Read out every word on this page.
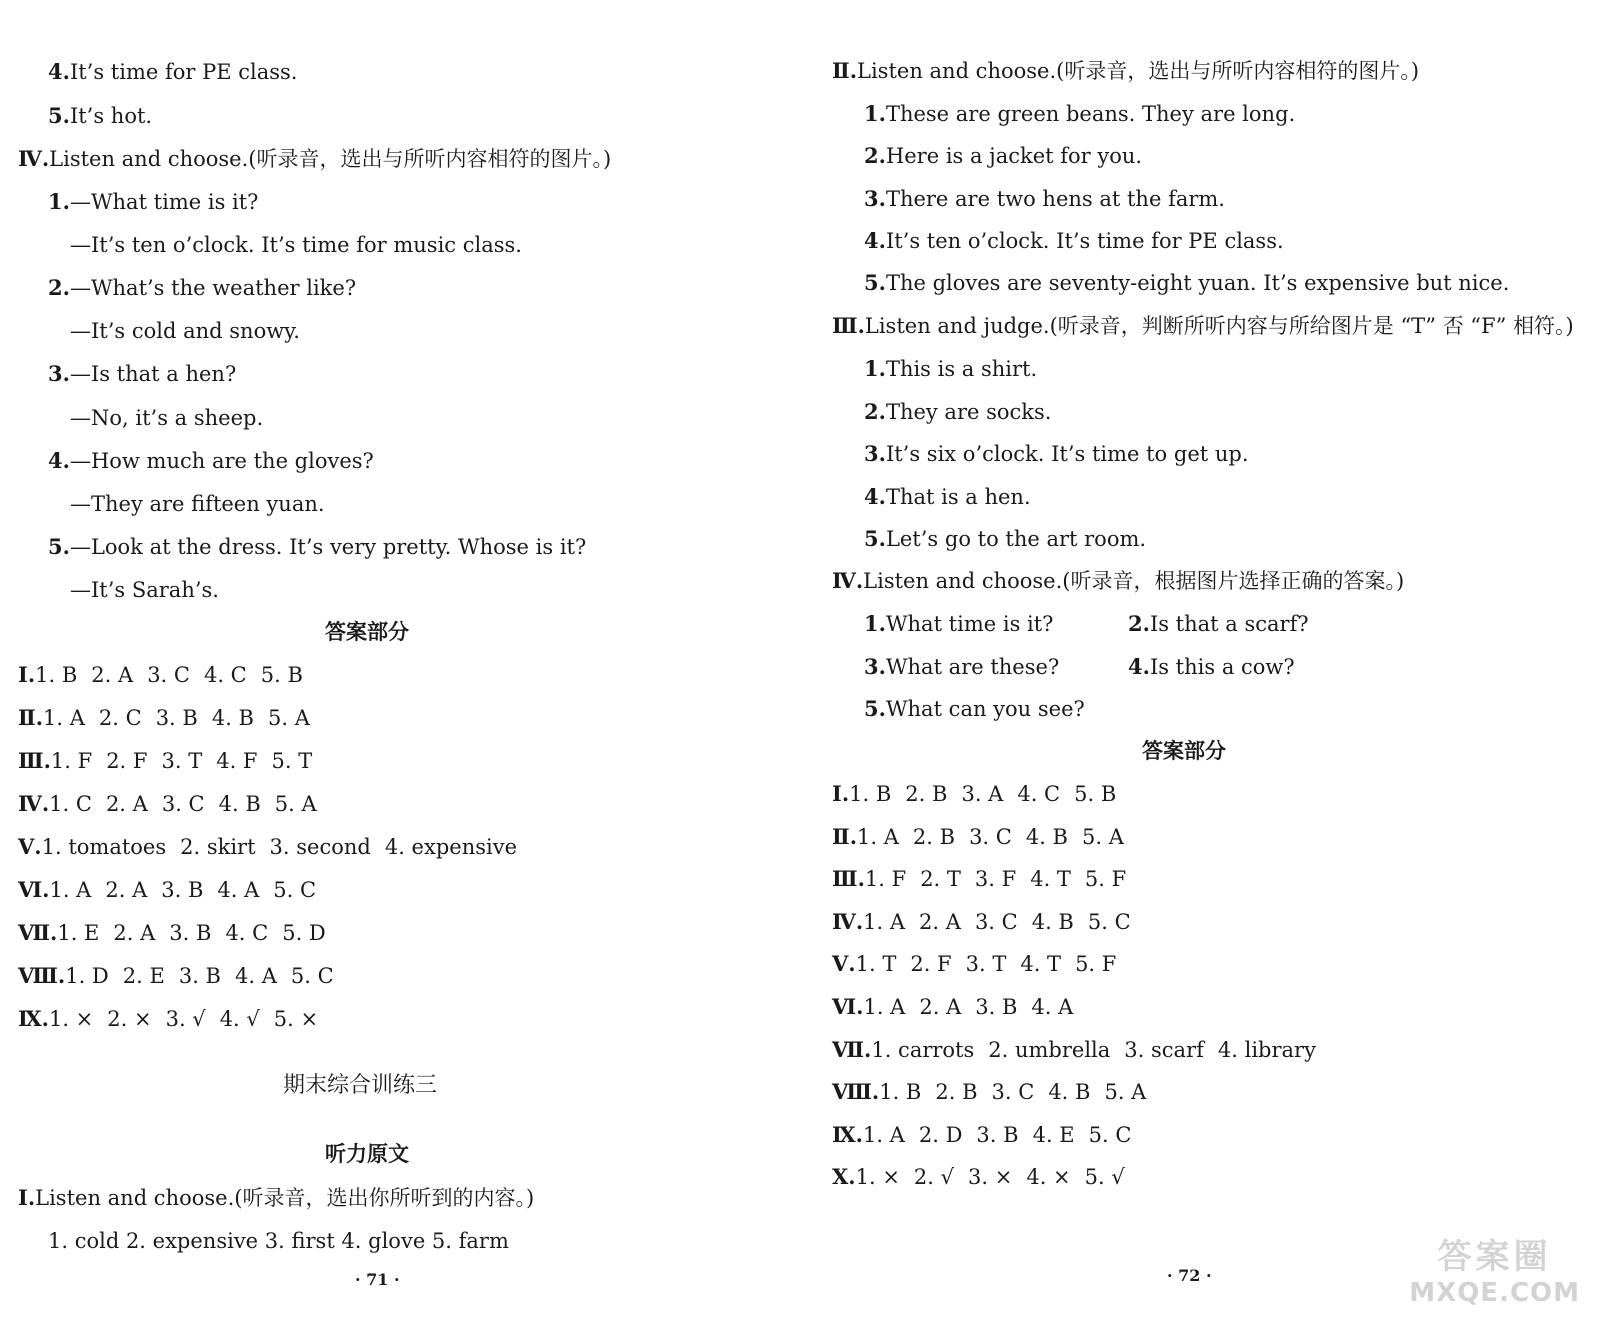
4.It’s time for PE class.
5.It’s hot.
Ⅳ.Listen and choose.(听录音，选出与所听内容相符的图片。)
1.—What time is it?
—It’s ten o’clock. It’s time for music class.
2.—What’s the weather like?
—It’s cold and snowy.
3.—Is that a hen?
—No, it’s a sheep.
4.—How much are the gloves?
—They are fifteen yuan.
5.—Look at the dress. It’s very pretty. Whose is it?
—It’s Sarah’s.
答案部分
Ⅰ.1. B 2. A 3. C 4. C 5. B
Ⅱ.1. A 2. C 3. B 4. B 5. A
Ⅲ.1. F 2. F 3. T 4. F 5. T
Ⅳ.1. C 2. A 3. C 4. B 5. A
Ⅴ.1. tomatoes 2. skirt 3. second 4. expensive
Ⅵ.1. A 2. A 3. B 4. A 5. C
Ⅶ.1. E 2. A 3. B 4. C 5. D
Ⅷ.1. D 2. E 3. B 4. A 5. C
Ⅸ.1. × 2. × 3. √ 4. √ 5. ×
期末综合训练三
听力原文
Ⅰ.Listen and choose.(听录音，选出你所听到的内容。)
1. cold 2. expensive 3. first 4. glove 5. farm
· 71 ·
Ⅱ.Listen and choose.(听录音，选出与所听内容相符的图片。)
1.These are green beans. They are long.
2.Here is a jacket for you.
3.There are two hens at the farm.
4.It’s ten o’clock. It’s time for PE class.
5.The gloves are seventy-eight yuan. It’s expensive but nice.
Ⅲ.Listen and judge.(听录音，判断所听内容与所给图片是 “T” 否 “F” 相符。)
1.This is a shirt.
2.They are socks.
3.It’s six o’clock. It’s time to get up.
4.That is a hen.
5.Let’s go to the art room.
Ⅳ.Listen and choose.(听录音，根据图片选择正确的答案。)
1.What time is it?	2.Is that a scarf?
3.What are these?	4.Is this a cow?
5.What can you see?
答案部分
Ⅰ.1. B 2. B 3. A 4. C 5. B
Ⅱ.1. A 2. B 3. C 4. B 5. A
Ⅲ.1. F 2. T 3. F 4. T 5. F
Ⅳ.1. A 2. A 3. C 4. B 5. C
Ⅴ.1. T 2. F 3. T 4. T 5. F
Ⅵ.1. A 2. A 3. B 4. A
Ⅶ.1. carrots 2. umbrella 3. scarf 4. library
Ⅷ.1. B 2. B 3. C 4. B 5. A
Ⅸ.1. A 2. D 3. B 4. E 5. C
Ⅹ.1. × 2. √ 3. × 4. × 5. √
· 72 ·	答案圈
MXQE.COM
